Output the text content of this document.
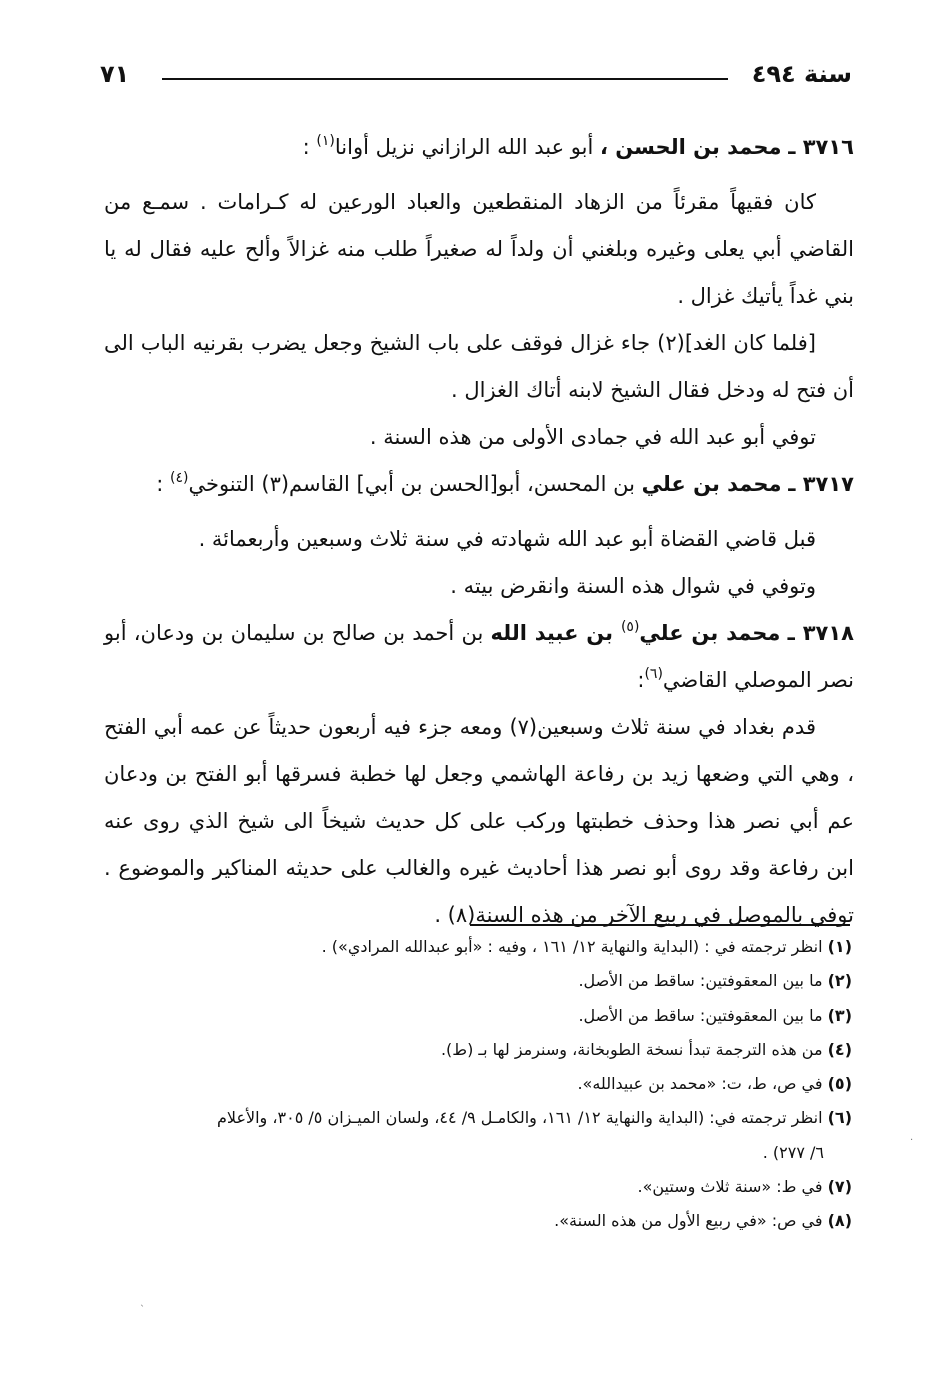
سنة ٤٩٤
٧١

٣٧١٦ ـ محمد بن الحسن ، أبو عبد الله الرازاني نزيل أوانا$^{(١)}$ :

كان فقيهاً مقرئاً من الزهاد المنقطعين والعباد الورعين له كـرامات . سمـع من القاضي أبي يعلى وغيره وبلغني أن ولداً له صغيراً طلب منه غزالاً وألح عليه فقال له يا بني غداً يأتيك غزال .

[فلما كان الغد](٢) جاء غزال فوقف على باب الشيخ وجعل يضرب بقرنيه الباب الى أن فتح له ودخل فقال الشيخ لابنه أتاك الغزال .

توفي أبو عبد الله في جمادى الأولى من هذه السنة .

٣٧١٧ ـ محمد بن علي بن المحسن، أبو[الحسن بن أبي] القاسم(٣) التنوخي$^{(٤)}$ :

قبل قاضي القضاة أبو عبد الله شهادته في سنة ثلاث وسبعين وأربعمائة .

وتوفي في شوال هذه السنة وانقرض بيته .

٣٧١٨ ـ محمد بن علي$^{(٥)}$ بن عبيد الله بن أحمد بن صالح بن سليمان بن ودعان، أبو نصر الموصلي القاضي$^{(٦)}$:

قدم بغداد في سنة ثلاث وسبعين(٧) ومعه جزء فيه أربعون حديثاً عن عمه أبي الفتح ، وهي التي وضعها زيد بن رفاعة الهاشمي وجعل لها خطبة فسرقها أبو الفتح بن ودعان عم أبي نصر هذا وحذف خطبتها وركب على كل حديث شيخاً الى شيخ الذي روى عنه ابن رفاعة وقد روى أبو نصر هذا أحاديث غيره والغالب على حديثه المناكير والموضوع . توفي بالموصل في ربيع الآخر من هذه السنة(٨) .

(١) انظر ترجمته في : (البداية والنهاية ١٢/ ١٦١ ، وفيه : «أبو عبدالله المرادي») .

(٢) ما بين المعقوفتين: ساقط من الأصل.

(٣) ما بين المعقوفتين: ساقط من الأصل.

(٤) من هذه الترجمة تبدأ نسخة الطوبخانة، وسنرمز لها بـ (ط).

(٥) في ص، ط، ت: «محمد بن عبيدالله».

(٦) انظر ترجمته في: (البداية والنهاية ١٢/ ١٦١، والكامـل ٩/ ٤٤، ولسان الميـزان ٥/ ٣٠٥، والأعلام

٦/ ٢٧٧) .

(٧) في ط: «سنة ثلاث وستين».

(٨) في ص: «في ربيع الأول من هذه السنة».

·
ˎ
